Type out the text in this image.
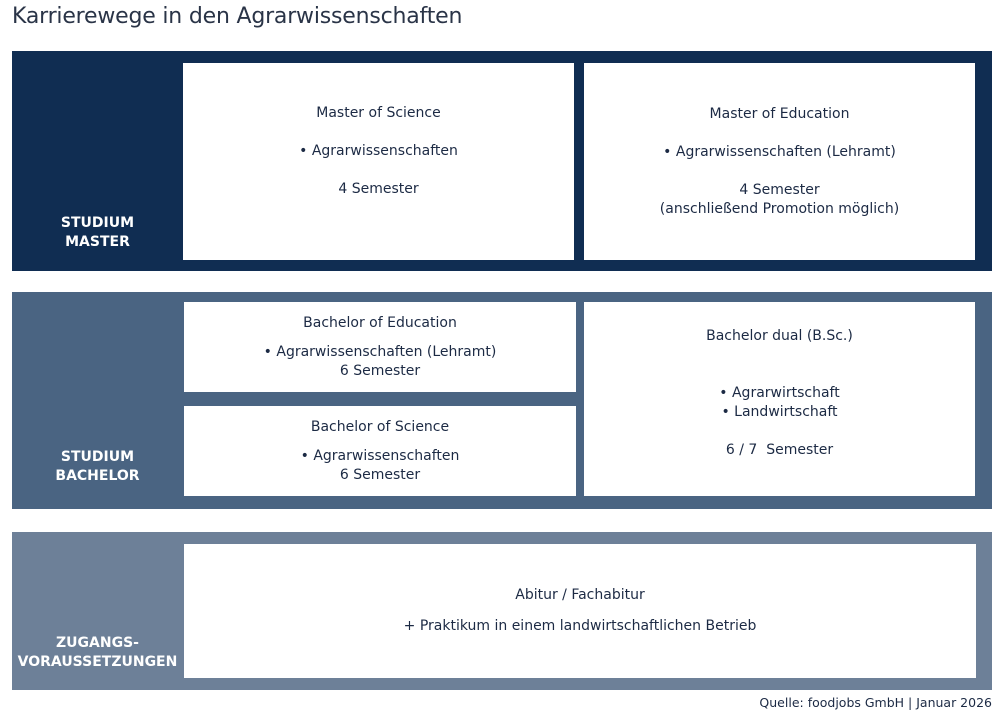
Karrierewege in den Agrarwissenschaften
STUDIUM
MASTER

Master of Science

• Agrarwissenschaften

4 Semester

Master of Education

• Agrarwissenschaften (Lehramt)

4 Semester

(anschließend Promotion möglich)

STUDIUM
BACHELOR

Bachelor of Education

• Agrarwissenschaften (Lehramt)

6 Semester

Bachelor of Science

• Agrarwissenschaften

6 Semester

Bachelor dual (B.Sc.)

• Agrarwirtschaft

• Landwirtschaft

6 / 7  Semester

ZUGANGS-
VORAUSSETZUNGEN

Abitur / Fachabitur

+ Praktikum in einem landwirtschaftlichen Betrieb

Quelle: foodjobs GmbH | Januar 2026
